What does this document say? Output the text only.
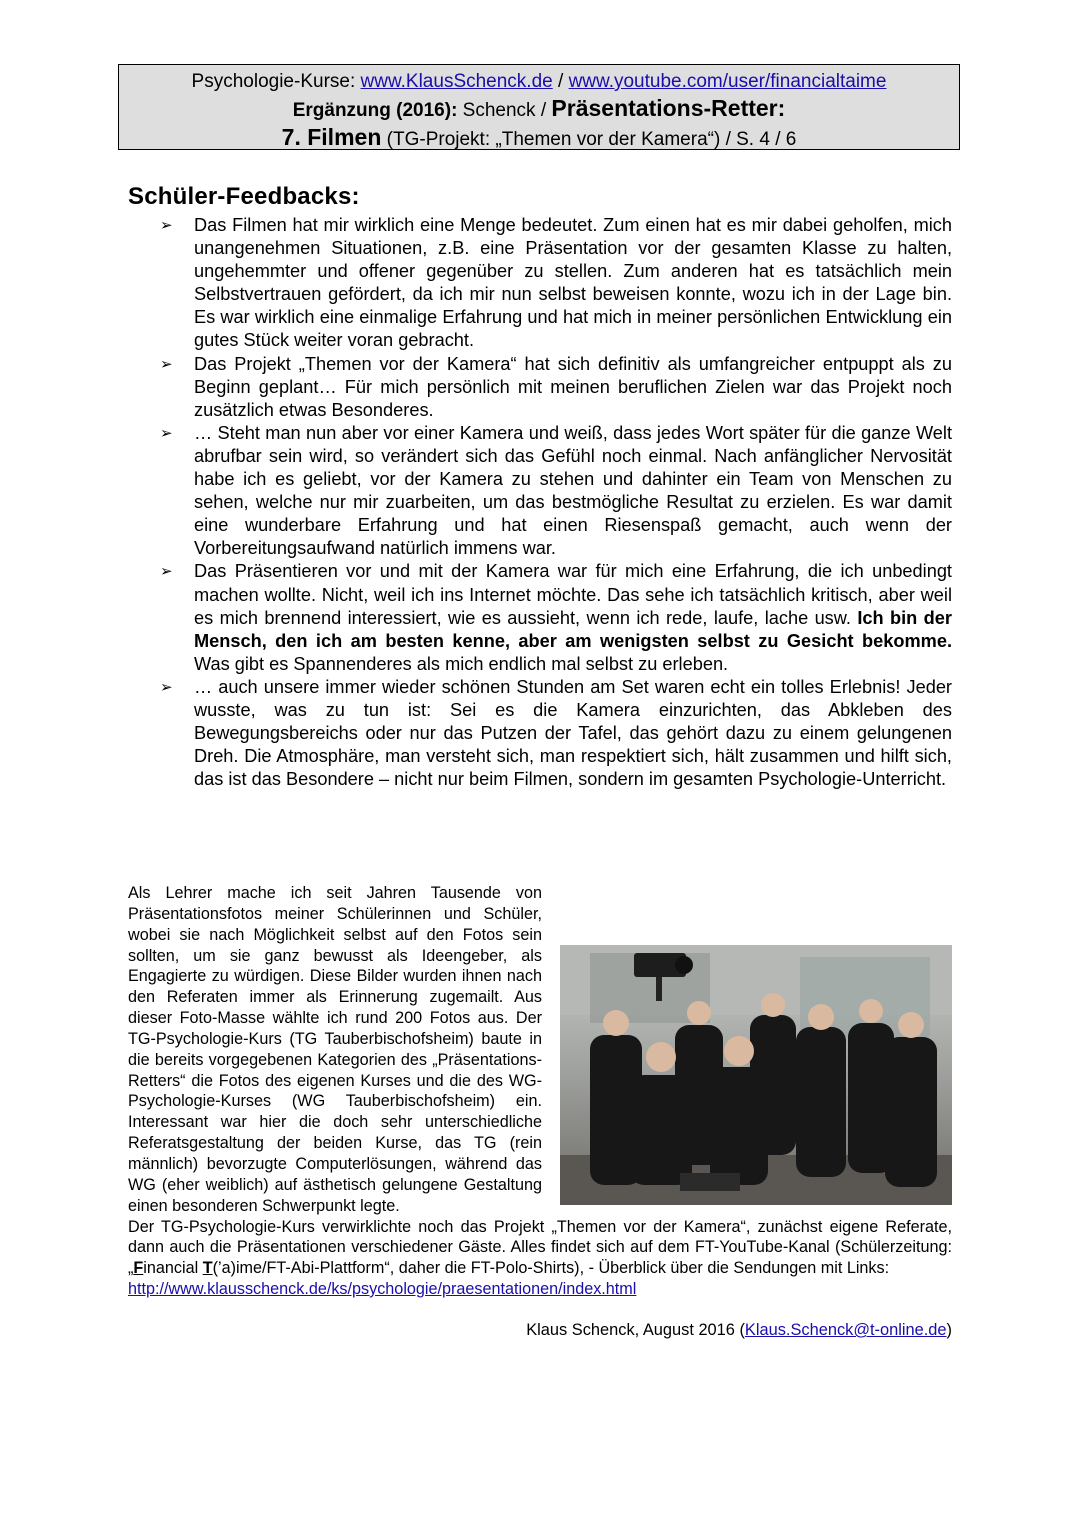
Psychologie-Kurse: www.KlausSchenck.de / www.youtube.com/user/financialtaime
Ergänzung (2016): Schenck / Präsentations-Retter:
7. Filmen (TG-Projekt: „Themen vor der Kamera“) / S. 4 / 6
Schüler-Feedbacks:
➢ Das Filmen hat mir wirklich eine Menge bedeutet. Zum einen hat es mir dabei geholfen, mich unangenehmen Situationen, z.B. eine Präsentation vor der gesamten Klasse zu halten, ungehemmter und offener gegenüber zu stellen. Zum anderen hat es tatsächlich mein Selbstvertrauen gefördert, da ich mir nun selbst beweisen konnte, wozu ich in der Lage bin. Es war wirklich eine einmalige Erfahrung und hat mich in meiner persönlichen Entwicklung ein gutes Stück weiter voran gebracht.
➢ Das Projekt „Themen vor der Kamera“ hat sich definitiv als umfangreicher entpuppt als zu Beginn geplant… Für mich persönlich mit meinen beruflichen Zielen war das Projekt noch zusätzlich etwas Besonderes.
➢ … Steht man nun aber vor einer Kamera und weiß, dass jedes Wort später für die ganze Welt abrufbar sein wird, so verändert sich das Gefühl noch einmal. Nach anfänglicher Nervosität habe ich es geliebt, vor der Kamera zu stehen und dahinter ein Team von Menschen zu sehen, welche nur mir zuarbeiten, um das bestmögliche Resultat zu erzielen. Es war damit eine wunderbare Erfahrung und hat einen Riesenspaß gemacht, auch wenn der Vorbereitungsaufwand natürlich immens war.
➢ Das Präsentieren vor und mit der Kamera war für mich eine Erfahrung, die ich unbedingt machen wollte. Nicht, weil ich ins Internet möchte. Das sehe ich tatsächlich kritisch, aber weil es mich brennend interessiert, wie es aussieht, wenn ich rede, laufe, lache usw. Ich bin der Mensch, den ich am besten kenne, aber am wenigsten selbst zu Gesicht bekomme. Was gibt es Spannenderes als mich endlich mal selbst zu erleben.
➢ … auch unsere immer wieder schönen Stunden am Set waren echt ein tolles Erlebnis! Jeder wusste, was zu tun ist: Sei es die Kamera einzurichten, das Abkleben des Bewegungsbereichs oder nur das Putzen der Tafel, das gehört dazu zu einem gelungenen Dreh. Die Atmosphäre, man versteht sich, man respektiert sich, hält zusammen und hilft sich, das ist das Besondere – nicht nur beim Filmen, sondern im gesamten Psychologie-Unterricht.

Als Lehrer mache ich seit Jahren Tausende von Präsentationsfotos meiner Schülerinnen und Schüler, wobei sie nach Möglichkeit selbst auf den Fotos sein sollten, um sie ganz bewusst als Ideengeber, als Engagierte zu würdigen. Diese Bilder wurden ihnen nach den Referaten immer als Erinnerung zugemailt. Aus dieser Foto-Masse wählte ich rund 200 Fotos aus. Der TG-Psychologie-Kurs (TG Tauberbischofsheim) baute in die bereits vorgegebenen Kategorien des „Präsentations-Retters“ die Fotos des eigenen Kurses und die des WG-Psychologie-Kurses (WG Tauberbischofsheim) ein. Interessant war hier die doch sehr unterschiedliche Referatsgestaltung der beiden Kurse, das TG (rein männlich) bevorzugte Computerlösungen, während das WG (eher weiblich) auf ästhetisch gelungene Gestaltung einen besonderen Schwerpunkt legte.

Der TG-Psychologie-Kurs verwirklichte noch das Projekt „Themen vor der Kamera“, zunächst eigene Referate, dann auch die Präsentationen verschiedener Gäste. Alles findet sich auf dem FT-YouTube-Kanal (Schülerzeitung: „Financial T(’a)ime/FT-Abi-Plattform“, daher die FT-Polo-Shirts), - Überblick über die Sendungen mit Links:
http://www.klausschenck.de/ks/psychologie/praesentationen/index.html

Klaus Schenck, August 2016 (Klaus.Schenck@t-online.de)
